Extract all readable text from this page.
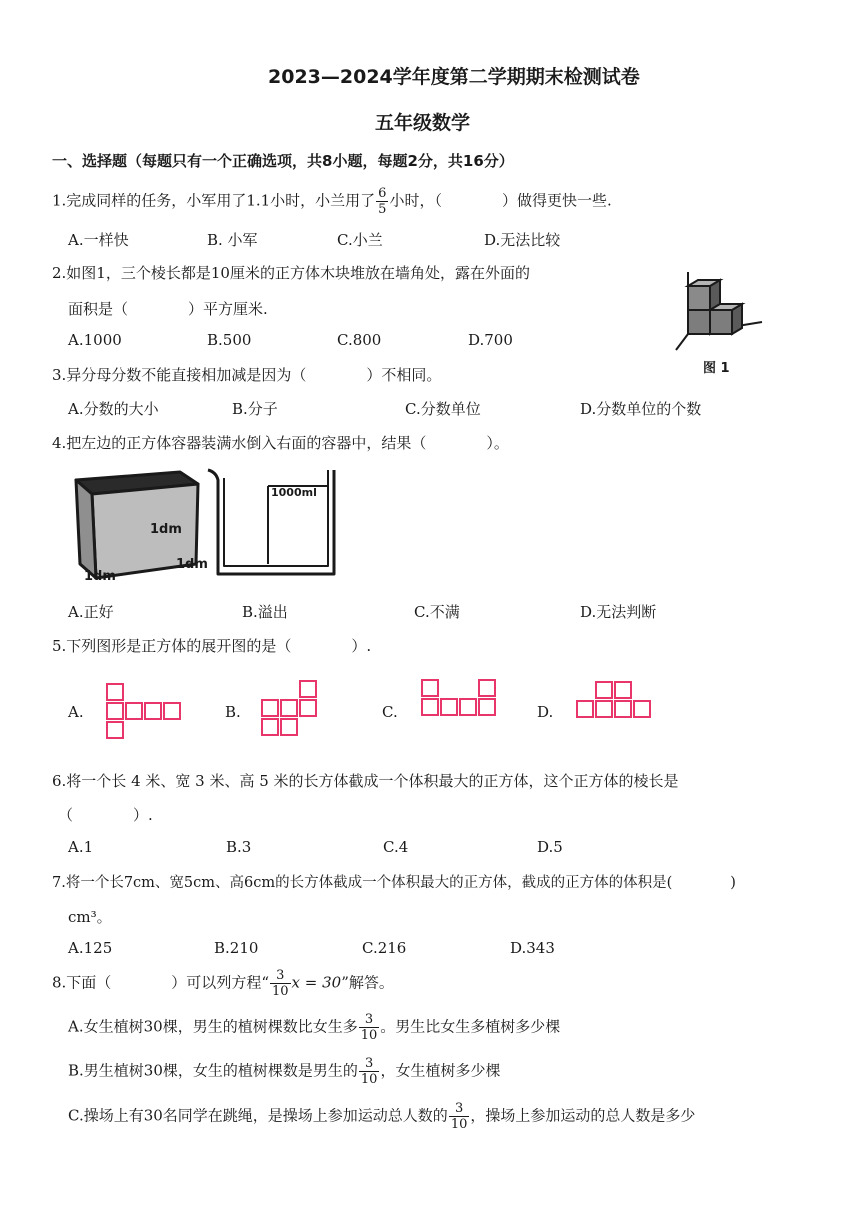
2023—2024学年度第二学期期末检测试卷
五年级数学
一、选择题（每题只有一个正确选项，共8小题，每题2分，共16分）
1.完成同样的任务，小军用了1.1小时，小兰用了 $\frac{6}{5}$ 小时，（　　　　）做得更快一些.
A.一样快	B. 小军	C.小兰	D.无法比较
2.如图1，三个棱长都是10厘米的正方体木块堆放在墙角处，露在外面的
面积是（　　　　）平方厘米.
A.1000	B.500	C.800	D.700
图 1
3.异分母分数不能直接相加减是因为（　　　　）不相同。
A.分数的大小	B.分子	C.分数单位	D.分数单位的个数
4.把左边的正方体容器装满水倒入右面的容器中，结果（　　　　）。
1dm
1dm
1dm
1000ml
A.正好	B.溢出	C.不满	D.无法判断
5.下列图形是正方体的展开图的是（　　　　）.
A.	B.	C.	D.
6.将一个长 4 米、宽 3 米、高 5 米的长方体截成一个体积最大的正方体，这个正方体的棱长是
（　　　　）.
A.1	B.3	C.4	D.5
7.将一个长7cm、宽5cm、高6cm的长方体截成一个体积最大的正方体，截成的正方体的体积是(　　　　)
cm³。
A.125	B.210	C.216	D.343
8.下面（　　　　）可以列方程“ $\frac{3}{10}$ x = 30”解答。
A.女生植树30棵，男生的植树棵数比女生多 $\frac{3}{10}$ 。男生比女生多植树多少棵
B.男生植树30棵，女生的植树棵数是男生的 $\frac{3}{10}$ ，女生植树多少棵
C.操场上有30名同学在跳绳，是操场上参加运动总人数的 $\frac{3}{10}$ ，操场上参加运动的总人数是多少
